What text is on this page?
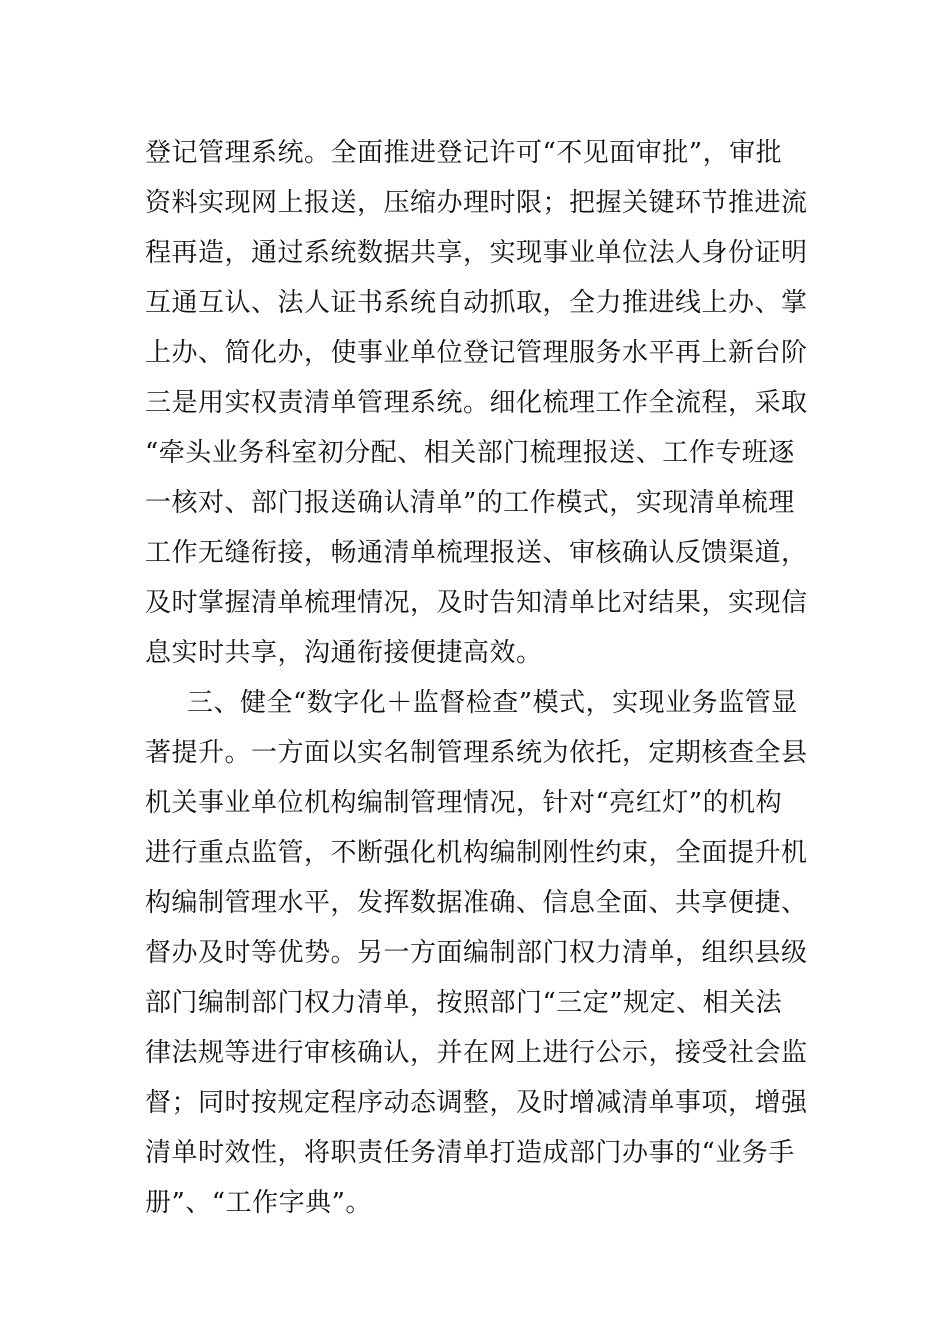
登记管理系统。全面推进登记许可“不见面审批”，审批
资料实现网上报送，压缩办理时限；把握关键环节推进流
程再造，通过系统数据共享，实现事业单位法人身份证明
互通互认、法人证书系统自动抓取，全力推进线上办、掌
上办、简化办，使事业单位登记管理服务水平再上新台阶
三是用实权责清单管理系统。细化梳理工作全流程，采取
“牵头业务科室初分配、相关部门梳理报送、工作专班逐
一核对、部门报送确认清单”的工作模式，实现清单梳理
工作无缝衔接，畅通清单梳理报送、审核确认反馈渠道，
及时掌握清单梳理情况，及时告知清单比对结果，实现信
息实时共享，沟通衔接便捷高效。
三、健全“数字化＋监督检查”模式，实现业务监管显
著提升。一方面以实名制管理系统为依托，定期核查全县
机关事业单位机构编制管理情况，针对“亮红灯”的机构
进行重点监管，不断强化机构编制刚性约束，全面提升机
构编制管理水平，发挥数据准确、信息全面、共享便捷、
督办及时等优势。另一方面编制部门权力清单，组织县级
部门编制部门权力清单，按照部门“三定”规定、相关法
律法规等进行审核确认，并在网上进行公示，接受社会监
督；同时按规定程序动态调整，及时增减清单事项，增强
清单时效性，将职责任务清单打造成部门办事的“业务手
册”、“工作字典”。
